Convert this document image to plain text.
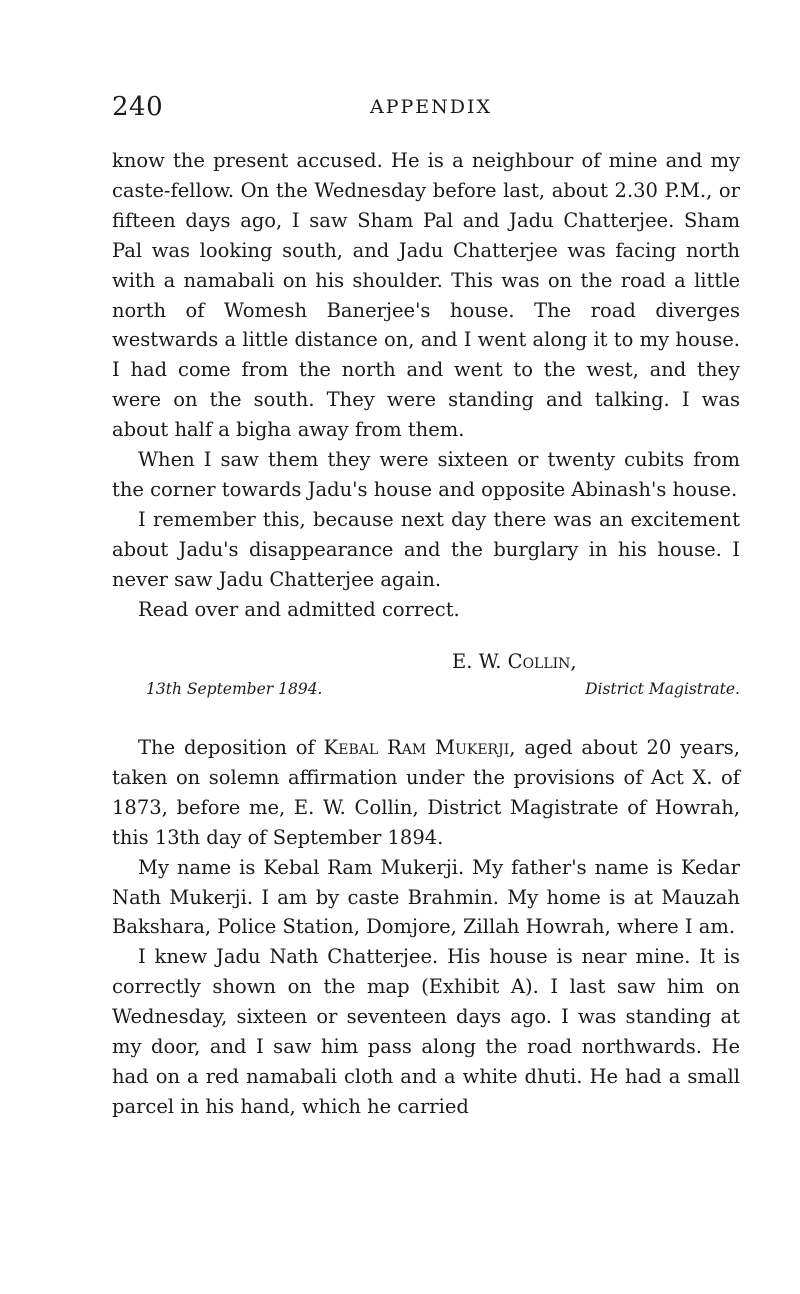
240	APPENDIX

know the present accused. He is a neighbour of mine and my caste-fellow. On the Wednesday before last, about 2.30 P.M., or fifteen days ago, I saw Sham Pal and Jadu Chatterjee. Sham Pal was looking south, and Jadu Chatterjee was facing north with a namabali on his shoulder. This was on the road a little north of Womesh Banerjee's house. The road diverges westwards a little distance on, and I went along it to my house. I had come from the north and went to the west, and they were on the south. They were standing and talking. I was about half a bigha away from them.

When I saw them they were sixteen or twenty cubits from the corner towards Jadu's house and opposite Abinash's house.

I remember this, because next day there was an excitement about Jadu's disappearance and the burglary in his house. I never saw Jadu Chatterjee again.

Read over and admitted correct.

E. W. Collin,
13th September 1894.	District Magistrate.

The deposition of Kebal Ram Mukerji, aged about 20 years, taken on solemn affirmation under the provisions of Act X. of 1873, before me, E. W. Collin, District Magistrate of Howrah, this 13th day of September 1894.

My name is Kebal Ram Mukerji. My father's name is Kedar Nath Mukerji. I am by caste Brahmin. My home is at Mauzah Bakshara, Police Station, Domjore, Zillah Howrah, where I am.

I knew Jadu Nath Chatterjee. His house is near mine. It is correctly shown on the map (Exhibit A). I last saw him on Wednesday, sixteen or seventeen days ago. I was standing at my door, and I saw him pass along the road northwards. He had on a red namabali cloth and a white dhuti. He had a small parcel in his hand, which he carried
